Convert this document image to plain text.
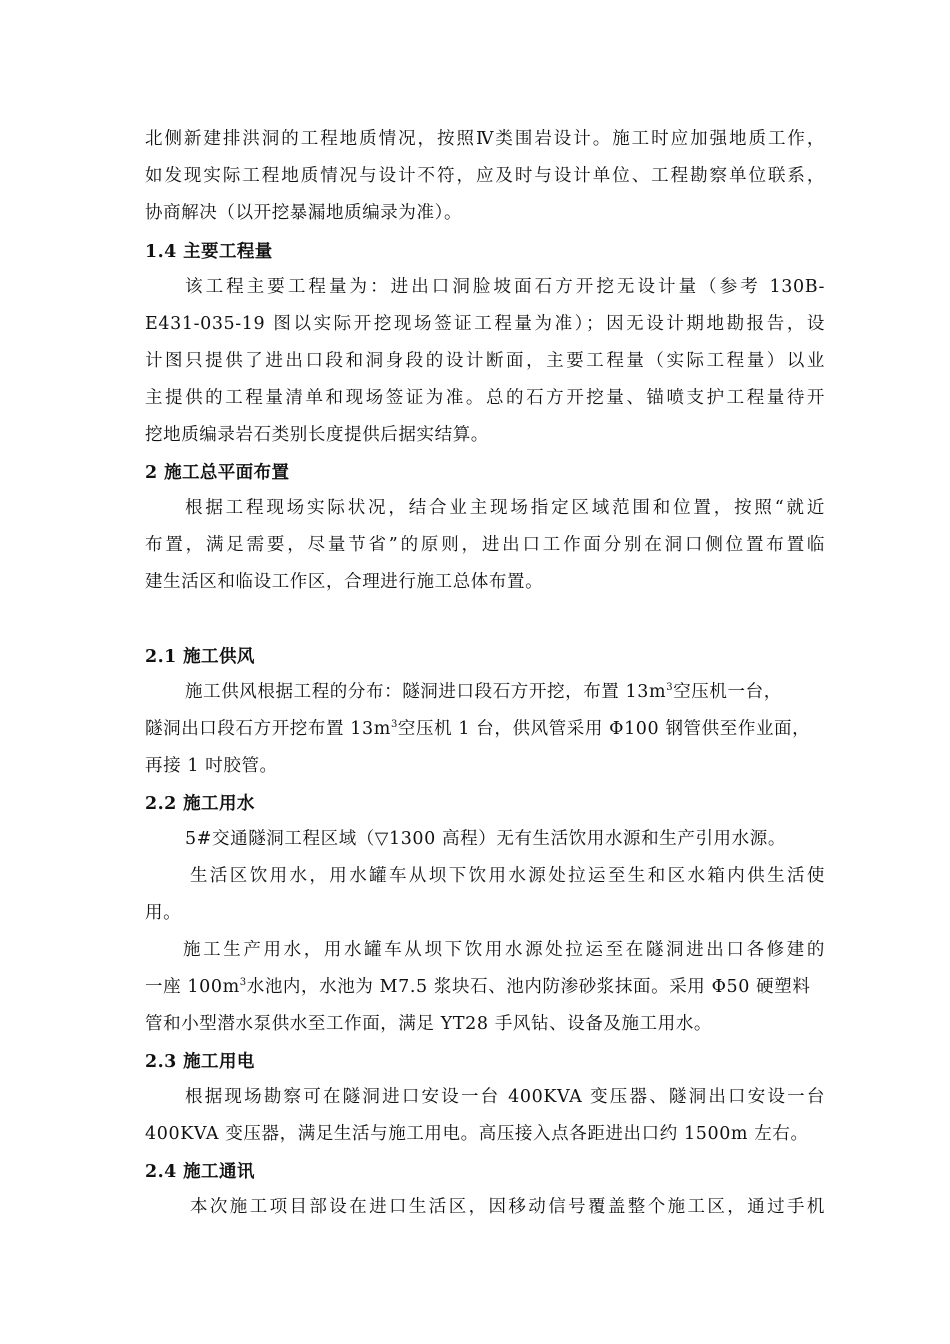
北侧新建排洪洞的工程地质情况，按照Ⅳ类围岩设计。施工时应加强地质工作，
如发现实际工程地质情况与设计不符，应及时与设计单位、工程勘察单位联系，
协商解决（以开挖暴漏地质编录为准）。
1.4 主要工程量
该工程主要工程量为：进出口洞脸坡面石方开挖无设计量（参考 130B-
E431-035-19 图以实际开挖现场签证工程量为准）；因无设计期地勘报告，设
计图只提供了进出口段和洞身段的设计断面，主要工程量（实际工程量）以业
主提供的工程量清单和现场签证为准。总的石方开挖量、锚喷支护工程量待开
挖地质编录岩石类别长度提供后据实结算。
2 施工总平面布置
根据工程现场实际状况，结合业主现场指定区域范围和位置，按照“就近
布置，满足需要，尽量节省”的原则，进出口工作面分别在洞口侧位置布置临
建生活区和临设工作区，合理进行施工总体布置。
2.1 施工供风
施工供风根据工程的分布：隧洞进口段石方开挖，布置 $13m^3$空压机一台，
隧洞出口段石方开挖布置 $13m^3$空压机 1 台，供风管采用 Φ100 钢管供至作业面，
再接 1 吋胶管。
2.2 施工用水
5#交通隧洞工程区域（▽1300 高程）无有生活饮用水源和生产引用水源。
生活区饮用水，用水罐车从坝下饮用水源处拉运至生和区水箱内供生活使
用。
施工生产用水，用水罐车从坝下饮用水源处拉运至在隧洞进出口各修建的
一座 $100m^3$水池内，水池为 M7.5 浆块石、池内防渗砂浆抹面。采用 Φ50 硬塑料
管和小型潜水泵供水至工作面，满足 YT28 手风钻、设备及施工用水。
2.3 施工用电
根据现场勘察可在隧洞进口安设一台 400KVA 变压器、隧洞出口安设一台
400KVA 变压器，满足生活与施工用电。高压接入点各距进出口约 1500m 左右。
2.4 施工通讯
本次施工项目部设在进口生活区，因移动信号覆盖整个施工区，通过手机
